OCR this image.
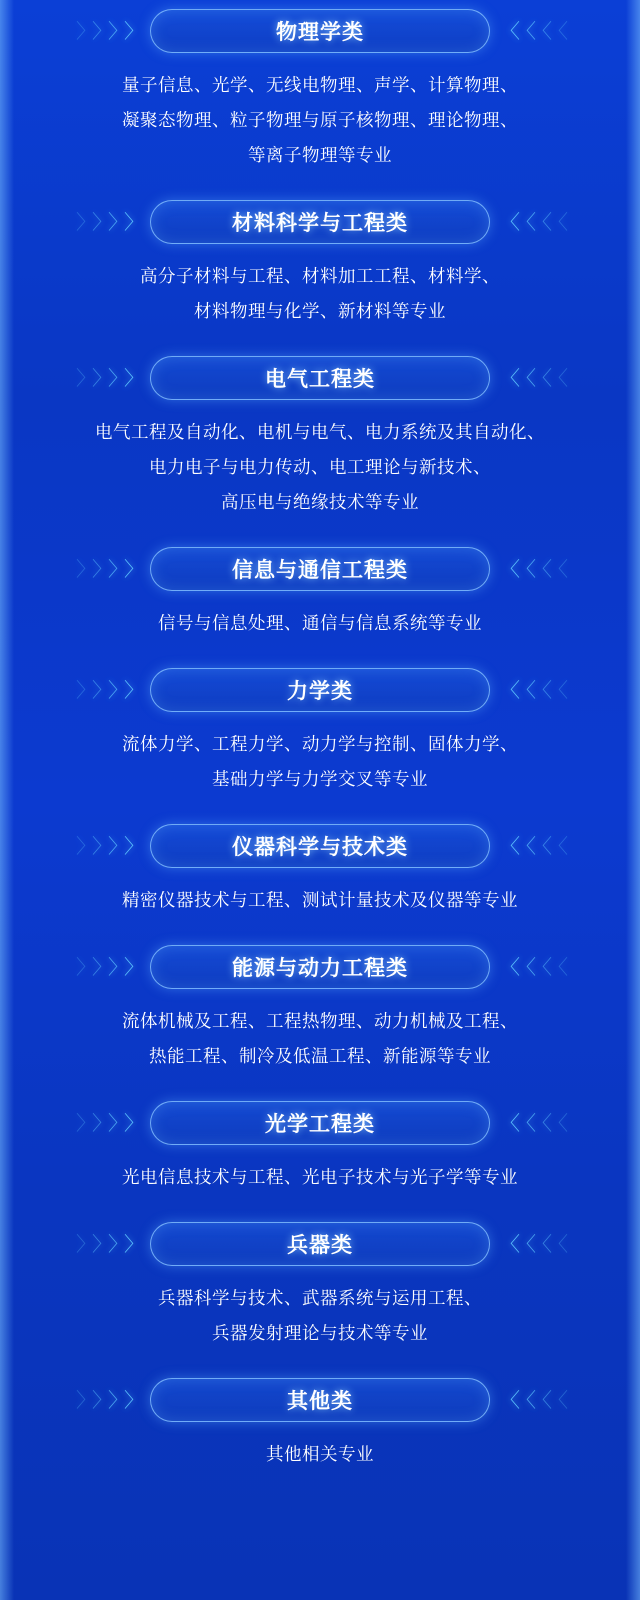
〉 〉 〉 〉	物理学类	〈 〈 〈 〈
量子信息、光学、无线电物理、声学、计算物理、
凝聚态物理、粒子物理与原子核物理、理论物理、
等离子物理等专业
〉 〉 〉 〉	材料科学与工程类	〈 〈 〈 〈
高分子材料与工程、材料加工工程、材料学、
材料物理与化学、新材料等专业
〉 〉 〉 〉	电气工程类	〈 〈 〈 〈
电气工程及自动化、电机与电气、电力系统及其自动化、
电力电子与电力传动、电工理论与新技术、
高压电与绝缘技术等专业
〉 〉 〉 〉	信息与通信工程类	〈 〈 〈 〈
信号与信息处理、通信与信息系统等专业
〉 〉 〉 〉	力学类	〈 〈 〈 〈
流体力学、工程力学、动力学与控制、固体力学、
基础力学与力学交叉等专业
〉 〉 〉 〉	仪器科学与技术类	〈 〈 〈 〈
精密仪器技术与工程、测试计量技术及仪器等专业
〉 〉 〉 〉	能源与动力工程类	〈 〈 〈 〈
流体机械及工程、工程热物理、动力机械及工程、
热能工程、制冷及低温工程、新能源等专业
〉 〉 〉 〉	光学工程类	〈 〈 〈 〈
光电信息技术与工程、光电子技术与光子学等专业
〉 〉 〉 〉	兵器类	〈 〈 〈 〈
兵器科学与技术、武器系统与运用工程、
兵器发射理论与技术等专业
〉 〉 〉 〉	其他类	〈 〈 〈 〈
其他相关专业
